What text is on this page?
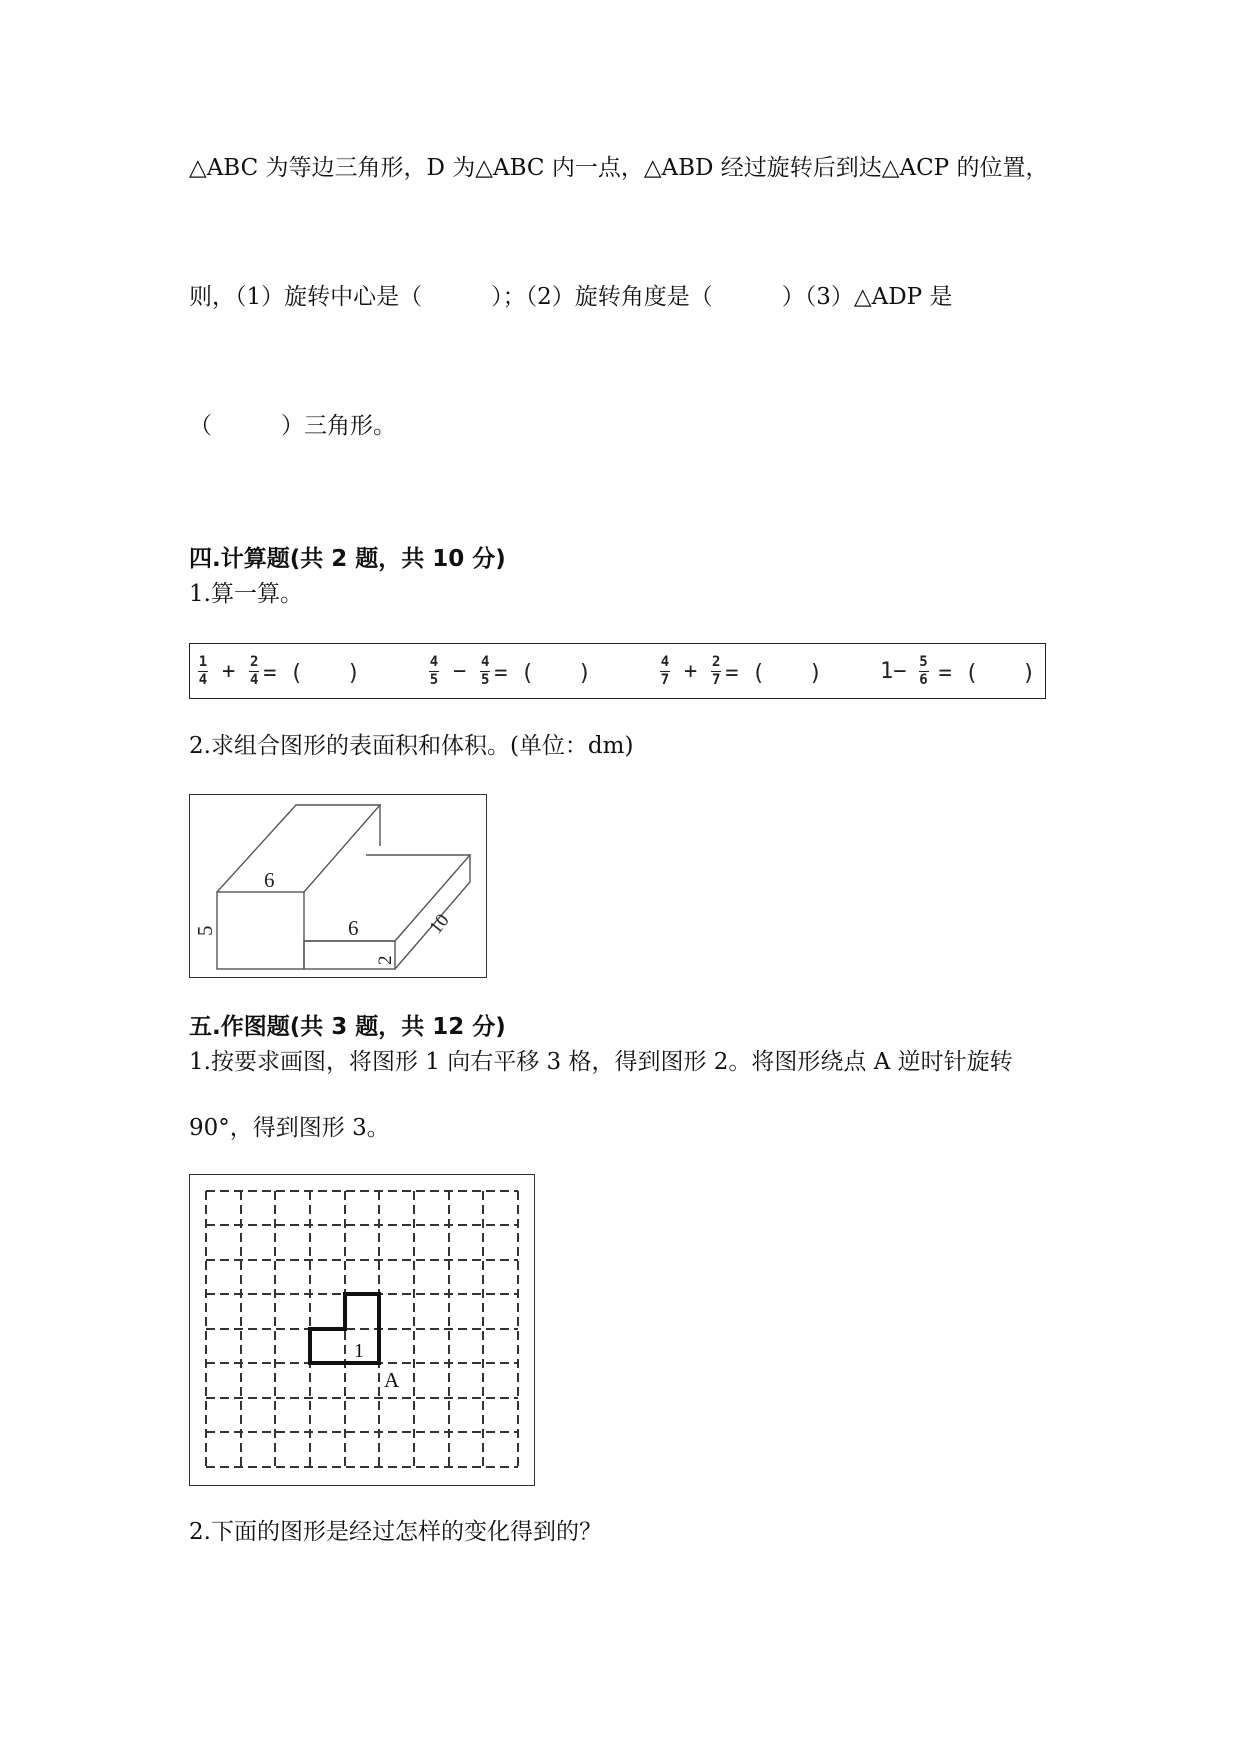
△ABC 为等边三角形，D 为△ABC 内一点，△ABD 经过旋转后到达△ACP 的位置，
则，（1）旋转中心是（　　　）；（2）旋转角度是（　　　）（3）△ADP 是
（　　　）三角形。
四.计算题(共 2 题，共 10 分)
1.算一算。
$\frac{1}{4} + \frac{2}{4}$ = (　　)	$\frac{4}{5} - \frac{4}{5}$ = (　　)	$\frac{4}{7} + \frac{2}{7}$ = (　　)	$1- \frac{5}{6}$ = (　　)
2.求组合图形的表面积和体积。(单位：dm)
6
5	6
2
10
五.作图题(共 3 题，共 12 分)
1.按要求画图，将图形 1 向右平移 3 格，得到图形 2。将图形绕点 A 逆时针旋转
90°，得到图形 3。
1
A
2.下面的图形是经过怎样的变化得到的？
